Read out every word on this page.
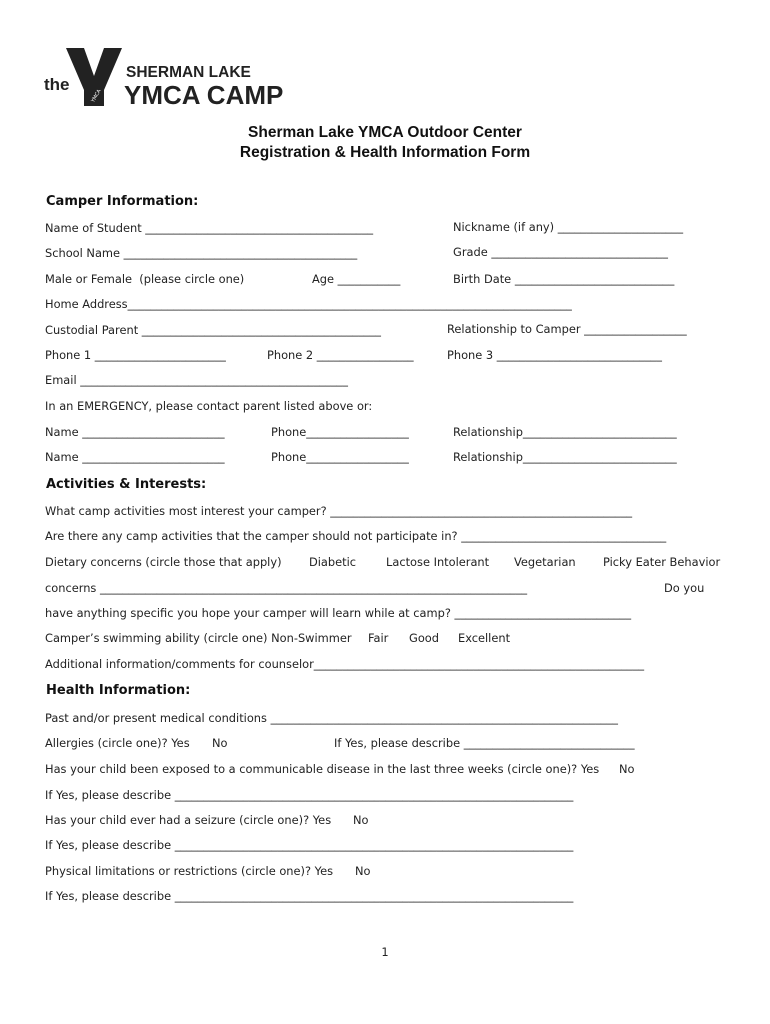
the
YMCA
™
SHERMAN LAKE
YMCA CAMP
Sherman Lake YMCA Outdoor Center
Registration & Health Information Form
Camper Information:
Name of Student ________________________________________	Nickname (if any) ______________________
School Name _________________________________________	Grade _______________________________
Male or Female  (please circle one)	Age ___________	Birth Date ____________________________
Home Address______________________________________________________________________________
Custodial Parent __________________________________________	Relationship to Camper __________________
Phone 1 _______________________	Phone 2 _________________	Phone 3 _____________________________
Email _______________________________________________
In an EMERGENCY, please contact parent listed above or:
Name _________________________	Phone__________________	Relationship___________________________
Name _________________________	Phone__________________	Relationship___________________________
Activities & Interests:
What camp activities most interest your camper? _____________________________________________________
Are there any camp activities that the camper should not participate in? ____________________________________
Dietary concerns (circle those that apply) Diabetic	Lactose Intolerant Vegetarian Picky Eater Behavior
concerns ___________________________________________________________________________	Do you
have anything specific you hope your camper will learn while at camp? _______________________________
Camper’s swimming ability (circle one) Non-Swimmer Fair Good Excellent
Additional information/comments for counselor__________________________________________________________
Health Information:
Past and/or present medical conditions _____________________________________________________________
Allergies (circle one)? Yes No	If Yes, please describe ______________________________
Has your child been exposed to a communicable disease in the last three weeks (circle one)? Yes No
If Yes, please describe ______________________________________________________________________
Has your child ever had a seizure (circle one)? Yes No
If Yes, please describe ______________________________________________________________________
Physical limitations or restrictions (circle one)? Yes No
If Yes, please describe ______________________________________________________________________
1
